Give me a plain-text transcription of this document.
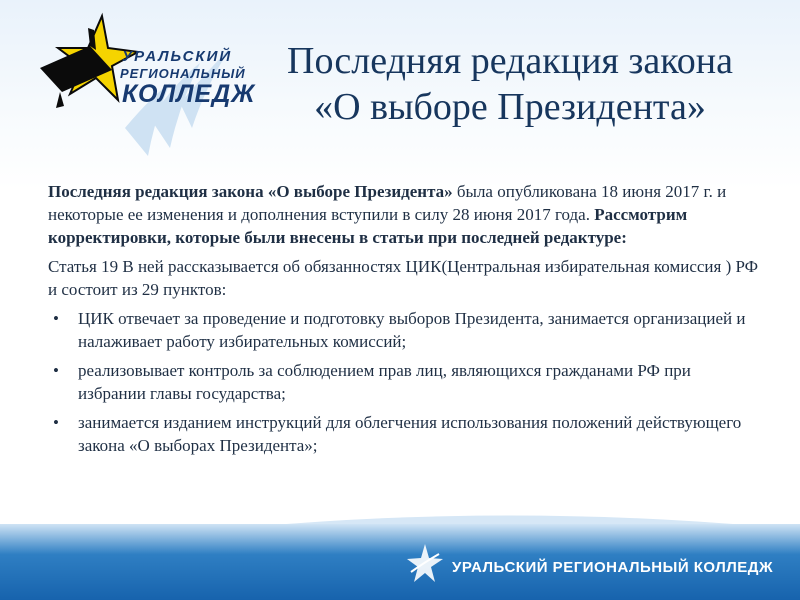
УРАЛЬСКИЙ
РЕГИОНАЛЬНЫЙ
КОЛЛЕДЖ
Последняя редакция закона
«О выборе Президента»

Последняя редакция закона «О выборе Президента» была опубликована 18 июня 2017 г. и некоторые ее изменения и дополнения вступили в силу 28 июня 2017 года. Рассмотрим корректировки, которые были внесены в статьи при последней редактуре:

Статья 19 В ней рассказывается об обязанностях ЦИК(Центральная избирательная комиссия ) РФ и состоит из 29 пунктов:

• ЦИК отвечает за проведение и подготовку выборов Президента, занимается организацией и налаживает работу избирательных комиссий;
• реализовывает контроль за соблюдением прав лиц, являющихся гражданами РФ при избрании главы государства;
• занимается изданием инструкций для облегчения использования положений действующего закона «О выборах Президента»;
УРАЛЬСКИЙ РЕГИОНАЛЬНЫЙ КОЛЛЕДЖ
